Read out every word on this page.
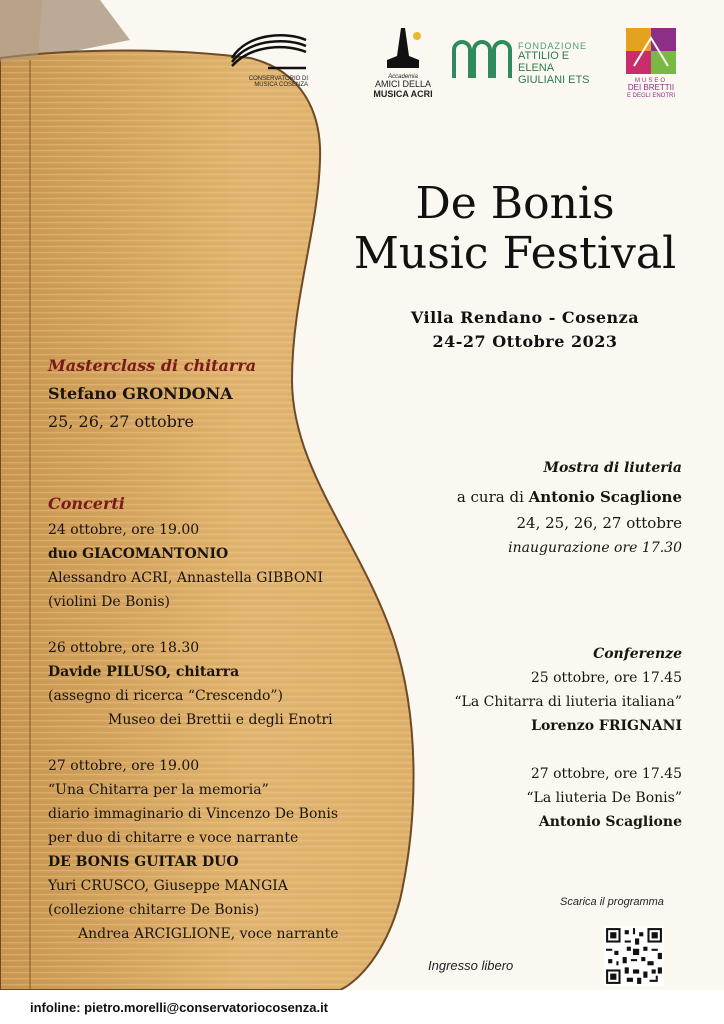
CONSERVATORIO DI MUSICA COSENZA
Accademia
AMICI DELLA
MUSICA ACRI
FONDAZIONE
ATTILIO E ELENA
GIULIANI ETS	MUSEO
DEI BRETTII
E DEGLI ENOTRI
De Bonis
Music Festival
Villa Rendano - Cosenza
24-27 Ottobre 2023
Masterclass di chitarra
Stefano GRONDONA
25, 26, 27 ottobre
Concerti
24 ottobre, ore 19.00
duo GIACOMANTONIO
Alessandro ACRI, Annastella GIBBONI
(violini De Bonis)
26 ottobre, ore 18.30
Davide PILUSO, chitarra
(assegno di ricerca “Crescendo”)
Museo dei Brettii e degli Enotri
27 ottobre, ore 19.00
“Una Chitarra per la memoria”
diario immaginario di Vincenzo De Bonis
per duo di chitarre e voce narrante
DE BONIS GUITAR DUO
Yuri CRUSCO, Giuseppe MANGIA
(collezione chitarre De Bonis)
Andrea ARCIGLIONE, voce narrante
Mostra di liuteria
a cura di Antonio Scaglione
24, 25, 26, 27 ottobre
inaugurazione ore 17.30
Conferenze
25 ottobre, ore 17.45
“La Chitarra di liuteria italiana”
Lorenzo FRIGNANI
27 ottobre, ore 17.45
“La liuteria De Bonis”
Antonio Scaglione
Scarica il programma
Ingresso libero
infoline: pietro.morelli@conservatoriocosenza.it
